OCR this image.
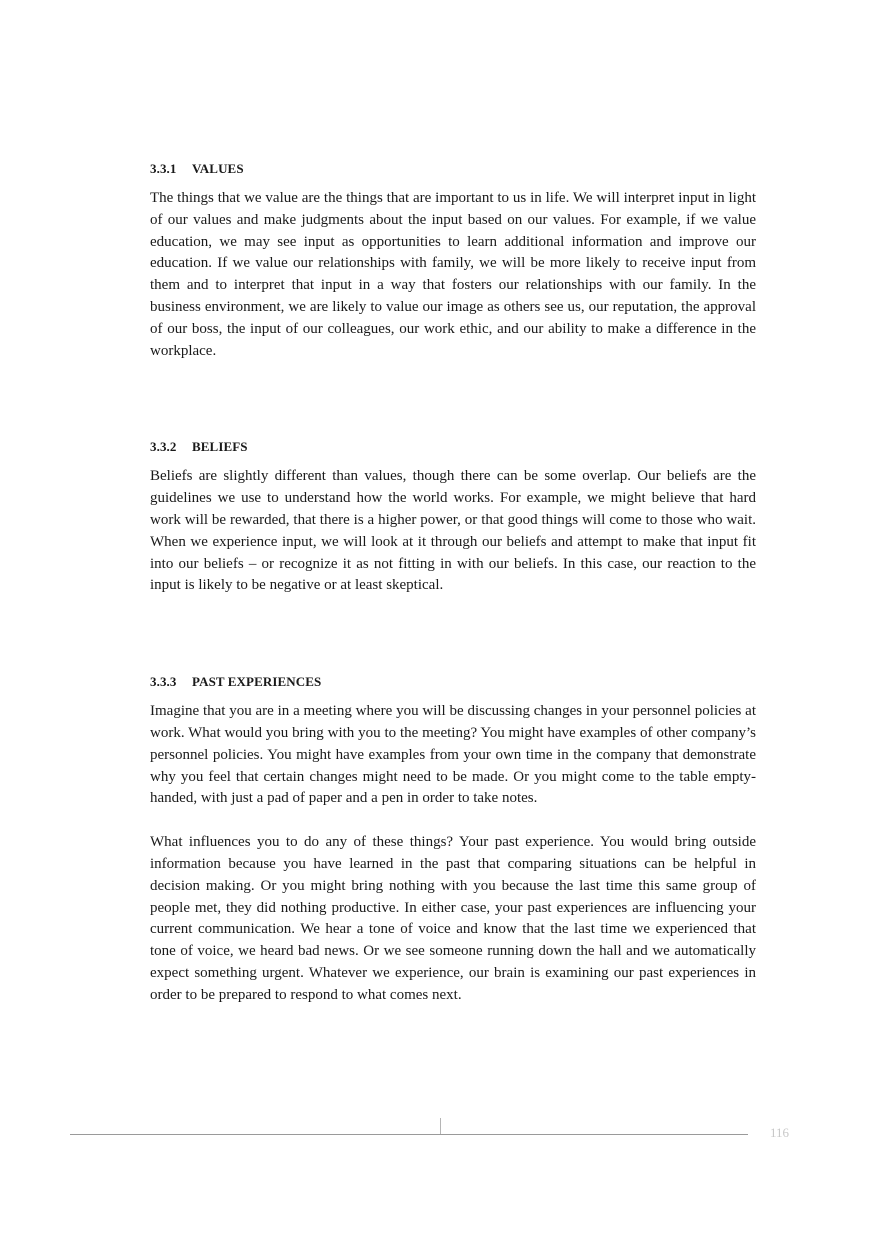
3.3.1 VALUES

The things that we value are the things that are important to us in life. We will interpret input in light of our values and make judgments about the input based on our values. For example, if we value education, we may see input as opportunities to learn additional information and improve our education. If we value our relationships with family, we will be more likely to receive input from them and to interpret that input in a way that fosters our relationships with our family. In the business environment, we are likely to value our image as others see us, our reputation, the approval of our boss, the input of our colleagues, our work ethic, and our ability to make a difference in the workplace.

3.3.2 BELIEFS

Beliefs are slightly different than values, though there can be some overlap. Our beliefs are the guidelines we use to understand how the world works. For example, we might believe that hard work will be rewarded, that there is a higher power, or that good things will come to those who wait. When we experience input, we will look at it through our beliefs and attempt to make that input fit into our beliefs – or recognize it as not fitting in with our beliefs. In this case, our reaction to the input is likely to be negative or at least skeptical.

3.3.3 PAST EXPERIENCES

Imagine that you are in a meeting where you will be discussing changes in your personnel policies at work. What would you bring with you to the meeting? You might have examples of other company’s personnel policies. You might have examples from your own time in the company that demonstrate why you feel that certain changes might need to be made. Or you might come to the table empty-handed, with just a pad of paper and a pen in order to take notes.

What influences you to do any of these things? Your past experience. You would bring outside information because you have learned in the past that comparing situations can be helpful in decision making. Or you might bring nothing with you because the last time this same group of people met, they did nothing productive. In either case, your past experiences are influencing your current communication. We hear a tone of voice and know that the last time we experienced that tone of voice, we heard bad news. Or we see someone running down the hall and we automatically expect something urgent. Whatever we experience, our brain is examining our past experiences in order to be prepared to respond to what comes next.

116
